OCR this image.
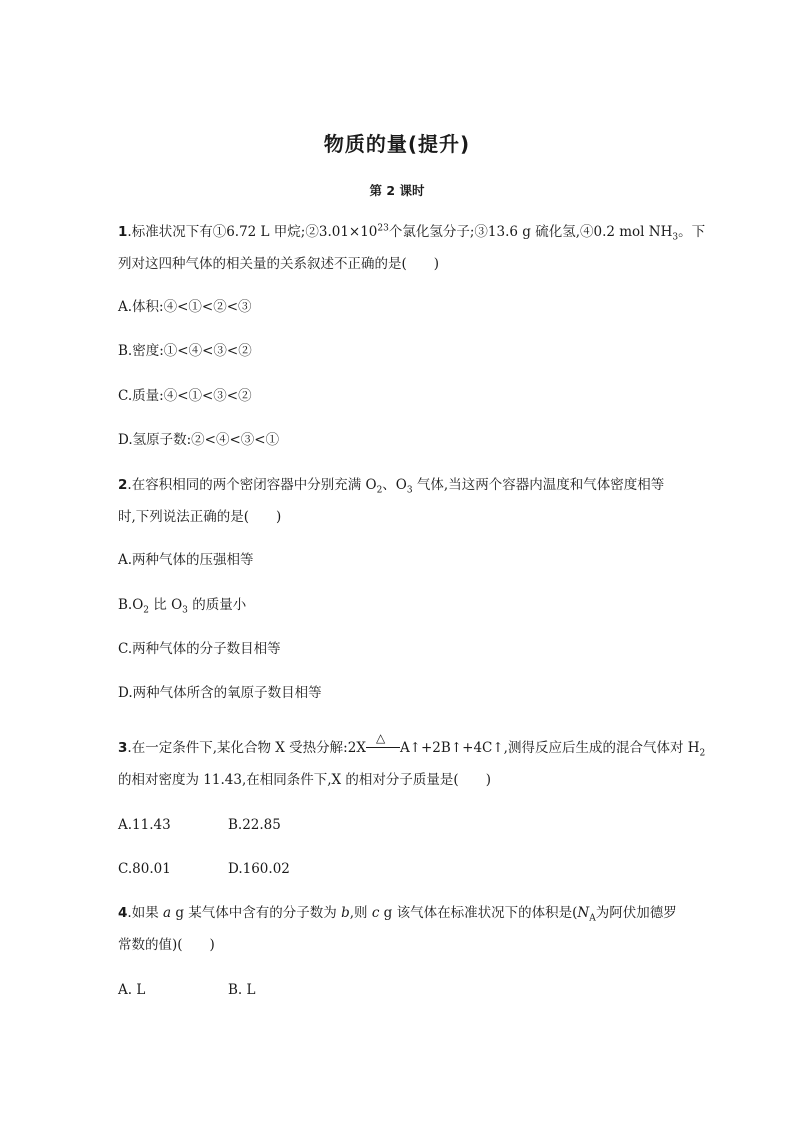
物质的量(提升)
第 2 课时
1.标准状况下有①6.72 L 甲烷$;②3.01\times 10^{23}$个氯化氢分子;③13.6 g 硫化氢,④0.2 mol $NH_3$。下
列对这四种气体的相关量的关系叙述不正确的是(　　)
A.体积:④<①<②<③
B.密度:①<④<③<②
C.质量:④<①<③<②
D.氢原子数:②<④<③<①
2.在容积相同的两个密闭容器中分别充满 $O_2$、$O_3$ 气体,当这两个容器内温度和气体密度相等
时,下列说法正确的是(　　)
A.两种气体的压强相等
$B.O_2$ 比 $O_3$ 的质量小
C.两种气体的分子数目相等
D.两种气体所含的氧原子数目相等
3.在一定条件下,某化合物 X 受热分解:2X
△
A↑+2B↑+4C↑,测得反应后生成的混合气体对 $H_2$
的相对密度为 11.43,在相同条件下,X 的相对分子质量是(　　)
A.11.43	B.22.85
C.80.01	D.160.02
4.如果 a g 某气体中含有的分子数为 b,则 c g 该气体在标准状况下的体积是($N_A$为阿伏加德罗
常数的值)(　　)
A. L	B. L
